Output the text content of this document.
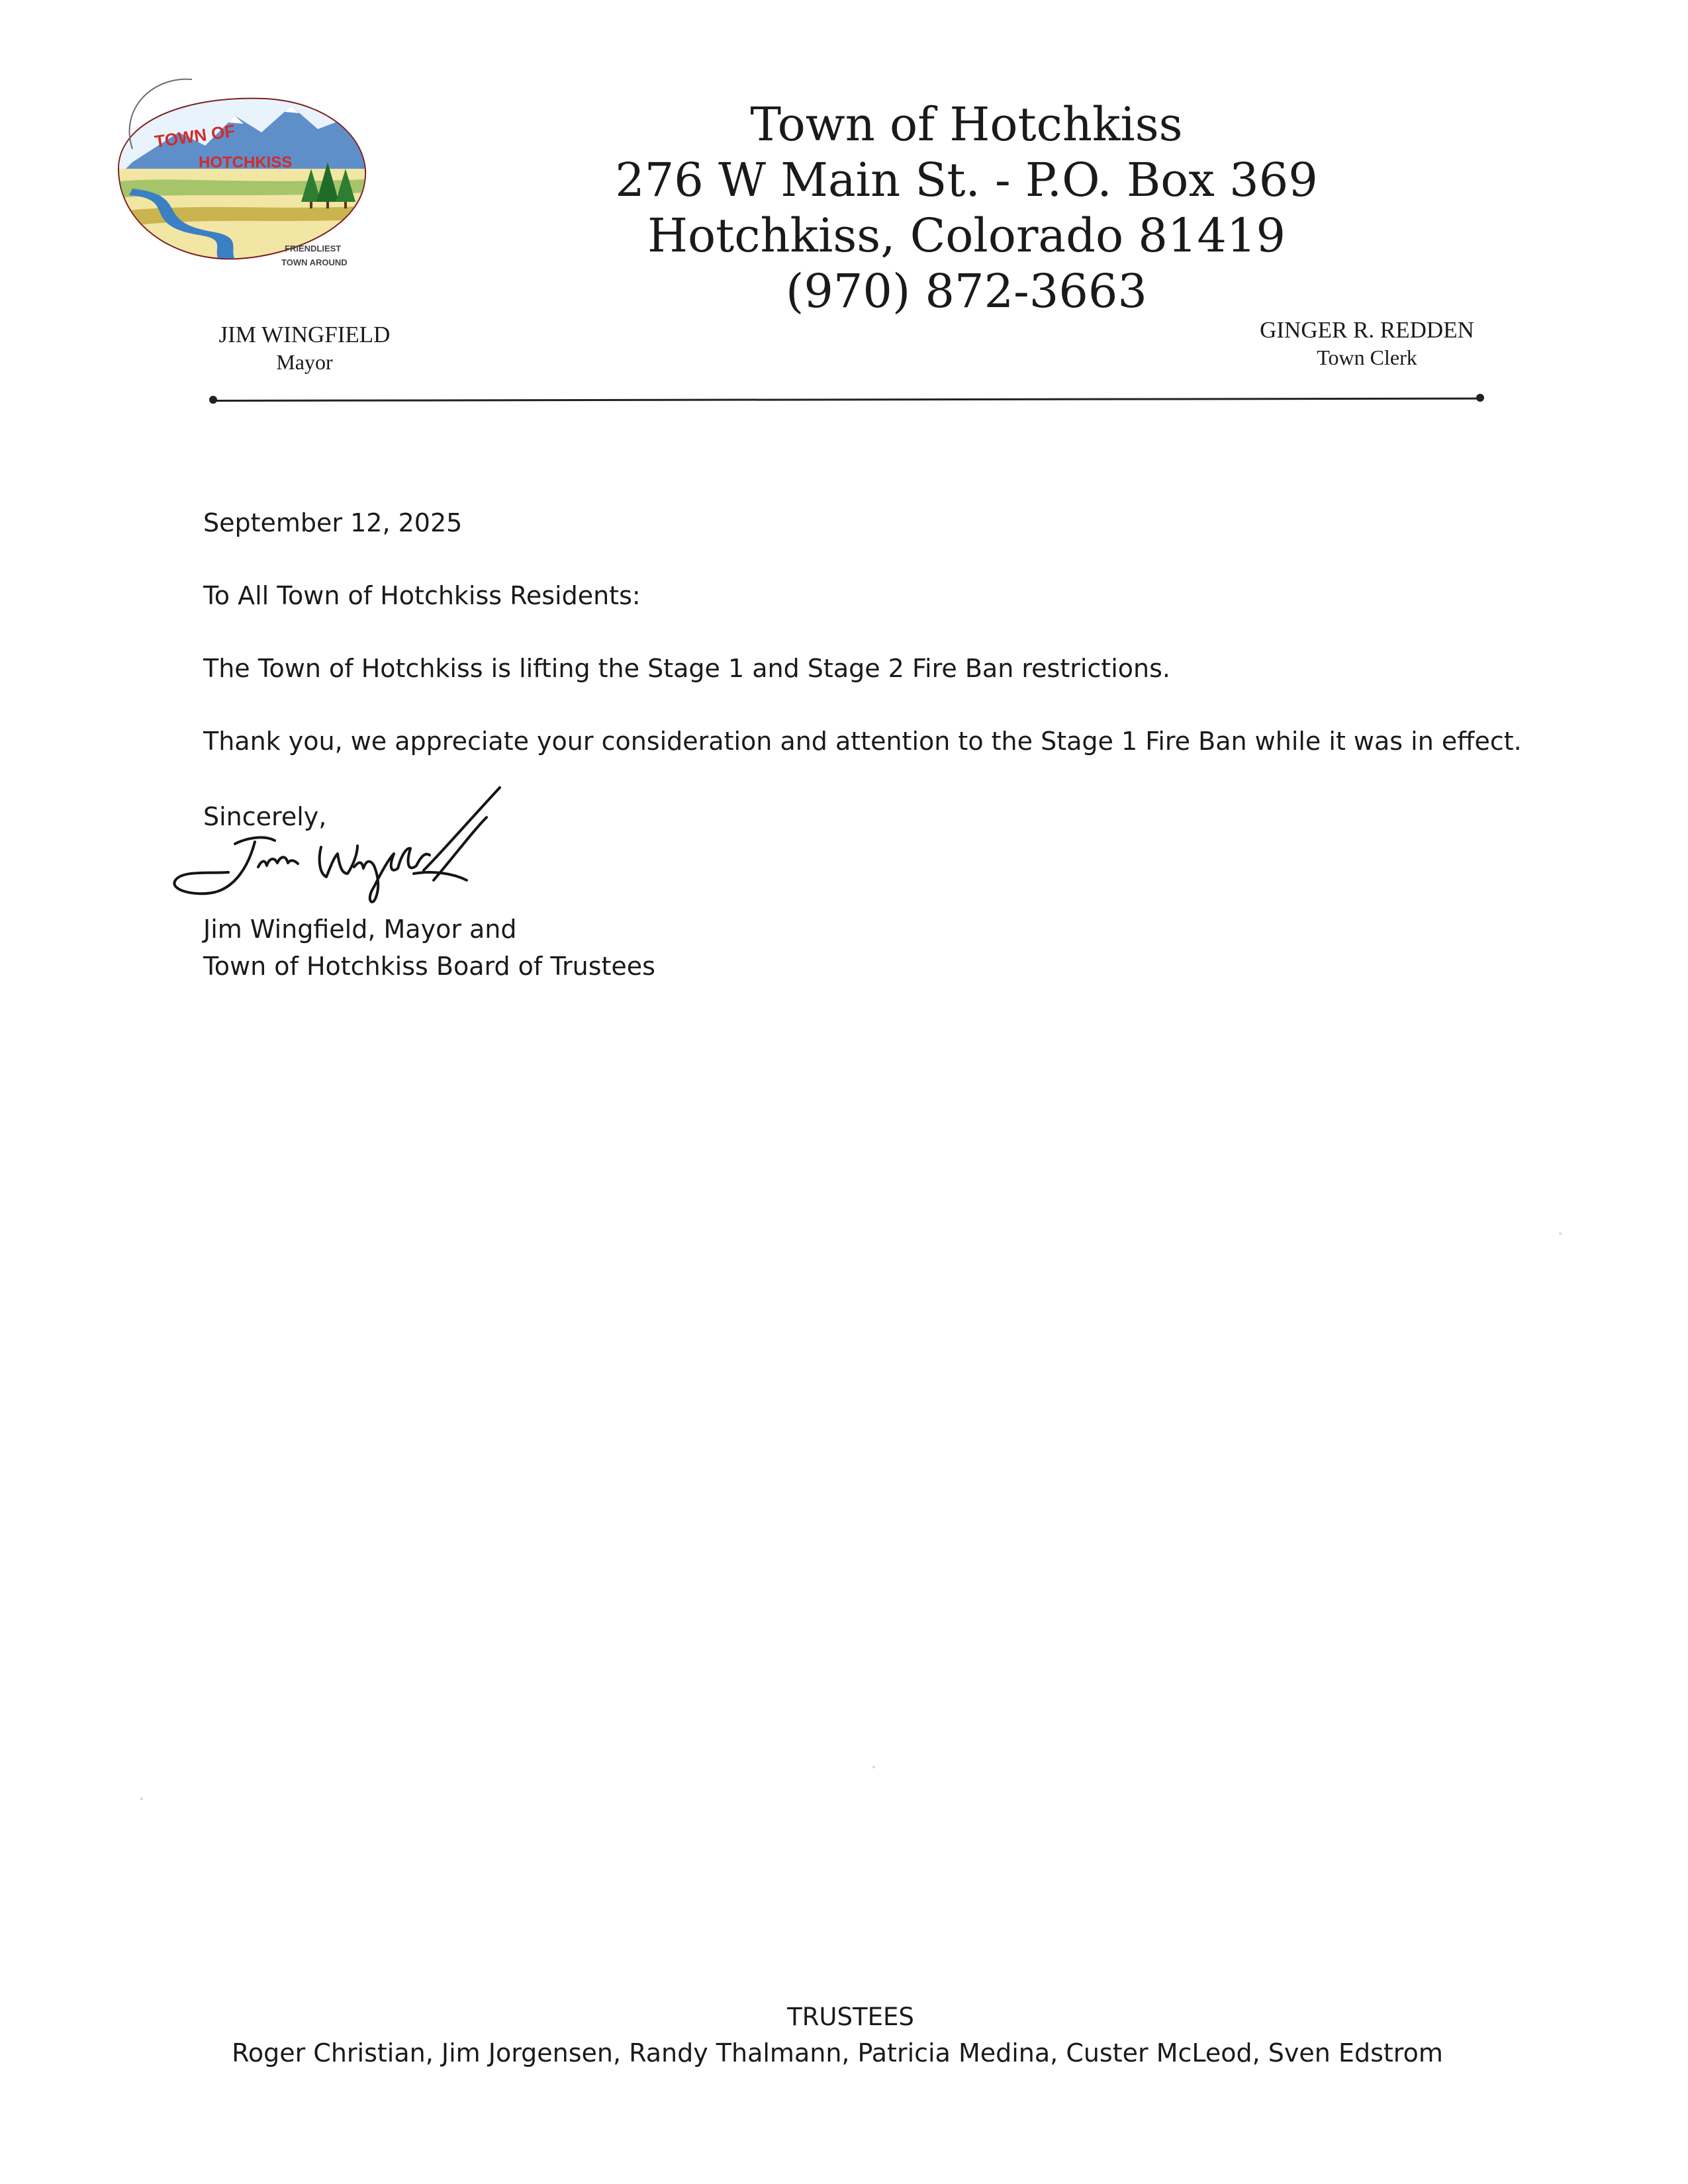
TOWN OF
HOTCHKISS
FRIENDLIEST
TOWN AROUND
Town of Hotchkiss
276 W Main St. - P.O. Box 369
Hotchkiss, Colorado 81419
(970) 872-3663
JIM WINGFIELD
Mayor
GINGER R. REDDEN
Town Clerk
September 12, 2025
To All Town of Hotchkiss Residents:
The Town of Hotchkiss is lifting the Stage 1 and Stage 2 Fire Ban restrictions.
Thank you, we appreciate your consideration and attention to the Stage 1 Fire Ban while it was in effect.
Sincerely,
Jim Wingfield, Mayor and
Town of Hotchkiss Board of Trustees
TRUSTEES
Roger Christian, Jim Jorgensen, Randy Thalmann, Patricia Medina, Custer McLeod, Sven Edstrom
